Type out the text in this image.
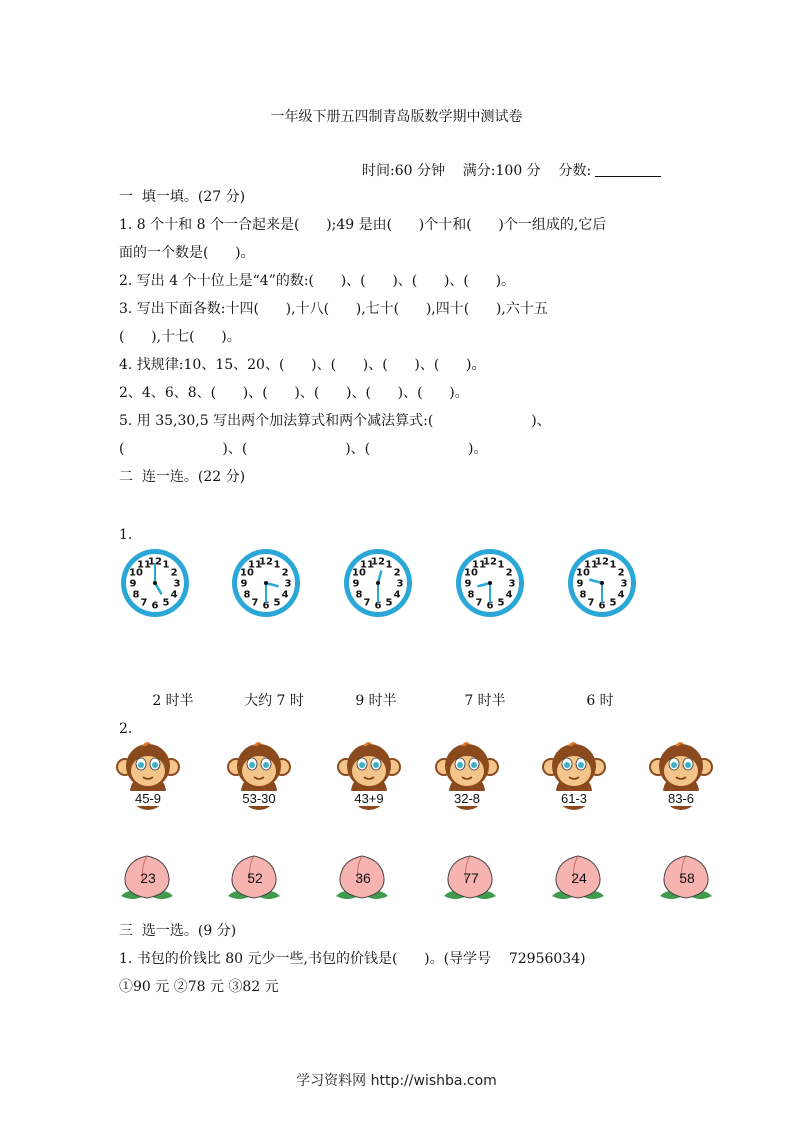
一年级下册五四制青岛版数学期中测试卷
时间:60 分钟 满分:100 分 分数:
一  填一填。(27 分)
1. 8 个十和 8 个一合起来是(      );49 是由(      )个十和(      )个一组成的,它后
面的一个数是(      )。
2. 写出 4 个十位上是“4”的数:(      )、(      )、(      )、(      )。
3. 写出下面各数:十四(      ),十八(      ),七十(      ),四十(      ),六十五
(      ),十七(      )。
4. 找规律:10、15、20、(      )、(      )、(      )、(      )。
2、4、6、8、(      )、(      )、(      )、(      )、(      )。
5. 用 35,30,5 写出两个加法算式和两个减法算式:(                      )、
(                      )、(                      )、(                      )。
二  连一连。(22 分)
1.
1
2
3
4
5
6
7
8
9
10
11
12	1
2
3
4
5
6
7
8
9
10
11
12	1
2
3
4
5
6
7
8
9
10
11
12	1
2
3
4
5
6
7
8
9
10
11
12	1
2
3
4
5
6
7
8
9
10
11
12
2 时半	大约 7 时	9 时半	7 时半	6 时
2.
45-9	53-30	43+9	32-8	61-3	83-6
23	52	36	77	24	58
三  选一选。(9 分)
1. 书包的价钱比 80 元少一些,书包的价钱是(      )。(导学号    72956034)
①90 元 ②78 元 ③82 元
学习资料网 http://wishba.com
